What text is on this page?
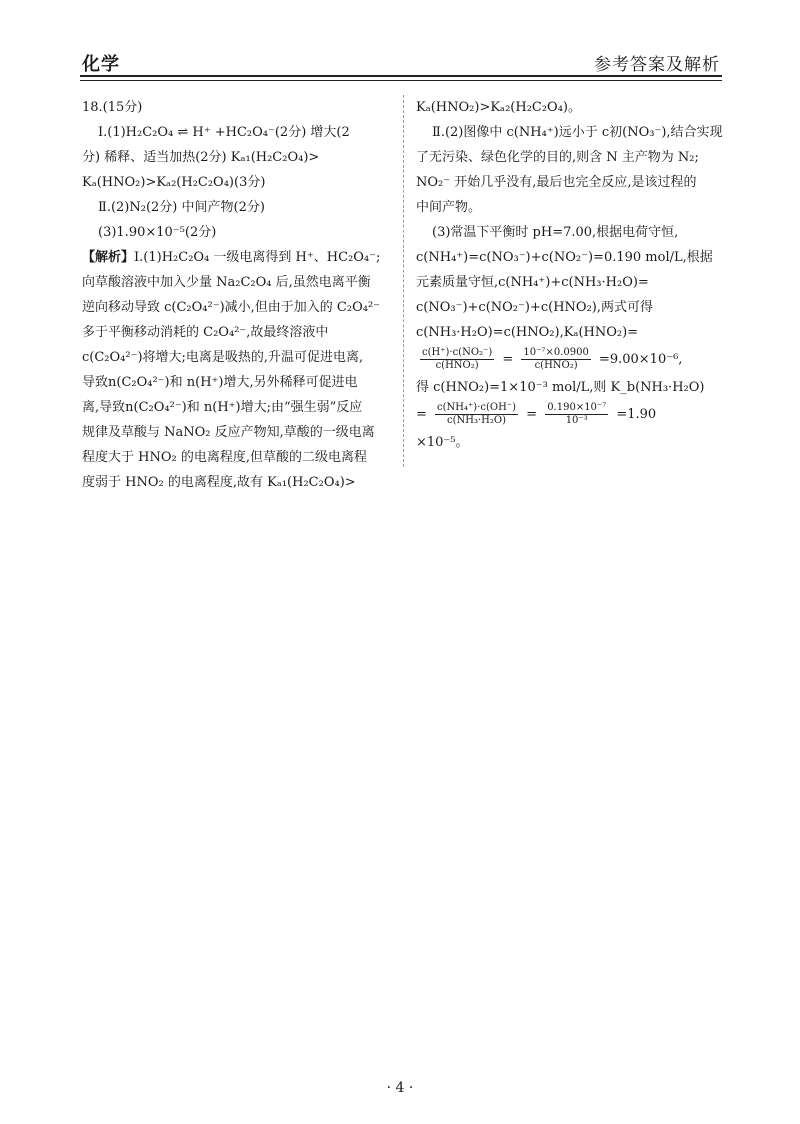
化学	参考答案及解析
18.(15分)
Ⅰ.(1)H₂C₂O₄ ⇌ H⁺ +HC₂O₄⁻(2分) 增大(2
分) 稀释、适当加热(2分) Kₐ₁(H₂C₂O₄)>
Kₐ(HNO₂)>Kₐ₂(H₂C₂O₄)(3分)
Ⅱ.(2)N₂(2分) 中间产物(2分)
(3)1.90×10⁻⁵(2分)
【解析】Ⅰ.(1)H₂C₂O₄ 一级电离得到 H⁺、HC₂O₄⁻;
向草酸溶液中加入少量 Na₂C₂O₄ 后,虽然电离平衡
逆向移动导致 c(C₂O₄²⁻)减小,但由于加入的 C₂O₄²⁻
多于平衡移动消耗的 C₂O₄²⁻,故最终溶液中
c(C₂O₄²⁻)将增大;电离是吸热的,升温可促进电离,
导致n(C₂O₄²⁻)和 n(H⁺)增大,另外稀释可促进电
离,导致n(C₂O₄²⁻)和 n(H⁺)增大;由“强生弱”反应
规律及草酸与 NaNO₂ 反应产物知,草酸的一级电离
程度大于 HNO₂ 的电离程度,但草酸的二级电离程
度弱于 HNO₂ 的电离程度,故有 Kₐ₁(H₂C₂O₄)>
Kₐ(HNO₂)>Kₐ₂(H₂C₂O₄)。
Ⅱ.(2)图像中 c(NH₄⁺)远小于 c初(NO₃⁻),结合实现
了无污染、绿色化学的目的,则含 N 主产物为 N₂;
NO₂⁻ 开始几乎没有,最后也完全反应,是该过程的
中间产物。
(3)常温下平衡时 pH=7.00,根据电荷守恒,
c(NH₄⁺)=c(NO₃⁻)+c(NO₂⁻)=0.190 mol/L,根据
元素质量守恒,c(NH₄⁺)+c(NH₃·H₂O)=
c(NO₃⁻)+c(NO₂⁻)+c(HNO₂),两式可得
c(NH₃·H₂O)=c(HNO₂),Kₐ(HNO₂)=
$\frac{\text{c(H⁺)·c(NO₂⁻)}}{\text{c(HNO₂)}} = \frac{\text{10⁻⁷×0.0900}}{\text{c(HNO₂)}} =9.00\times 10^{-6}$,
得 c(HNO₂)=1×10⁻³ mol/L,则 K_b(NH₃·H₂O)
= $\frac{\text{c(NH₄⁺)·c(OH⁻)}}{\text{c(NH₃·H₂O)}} = \frac{\text{0.190×10⁻⁷}}{\text{10⁻³}} =1.90$
×10⁻⁵。
· 4 ·
